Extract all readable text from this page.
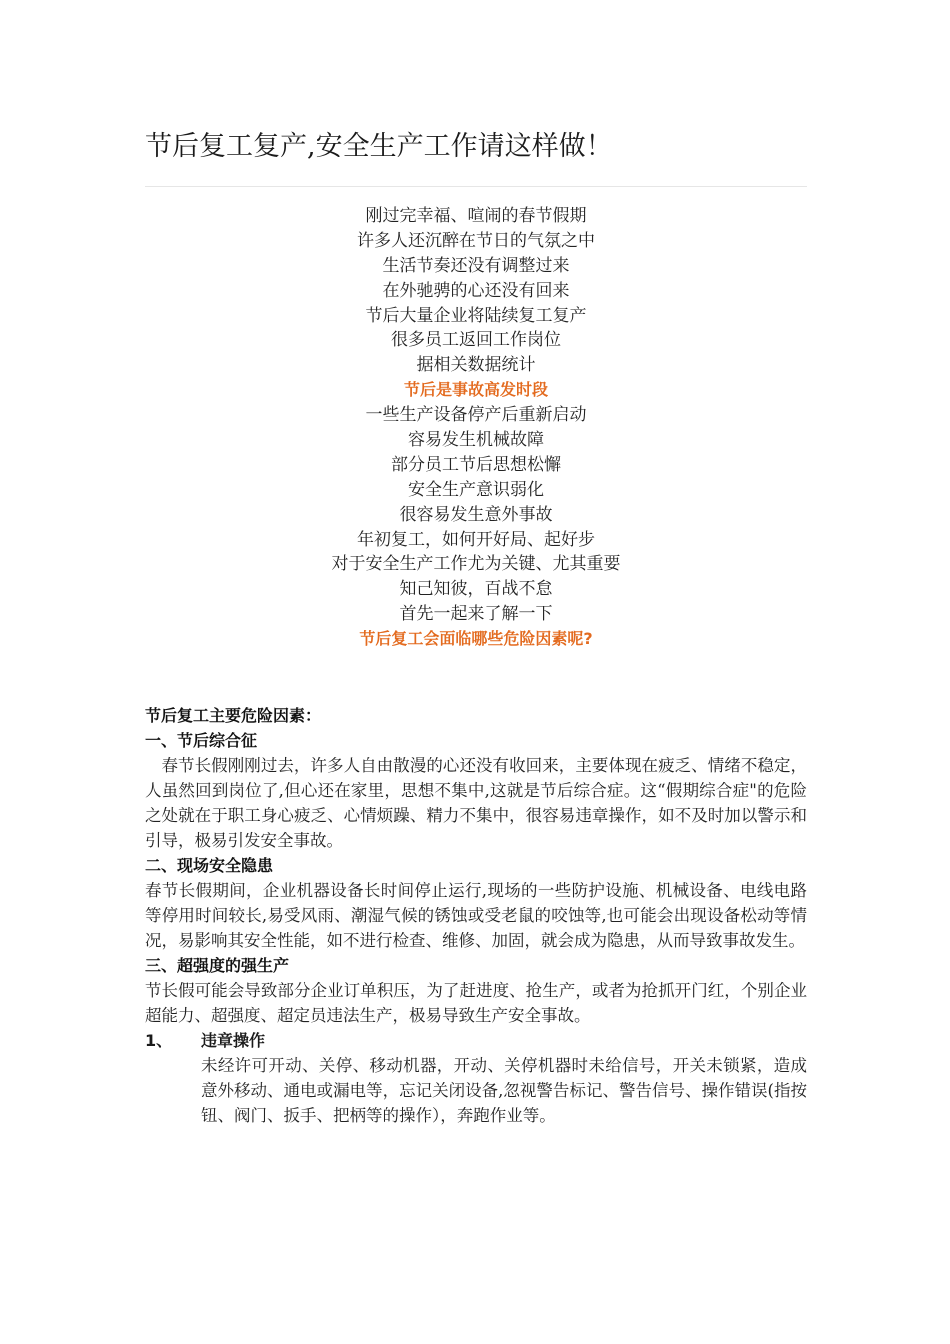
节后复工复产,安全生产工作请这样做！
刚过完幸福、喧闹的春节假期
许多人还沉醉在节日的气氛之中
生活节奏还没有调整过来
在外驰骋的心还没有回来
节后大量企业将陆续复工复产
很多员工返回工作岗位
据相关数据统计
节后是事故高发时段
一些生产设备停产后重新启动
容易发生机械故障
部分员工节后思想松懈
安全生产意识弱化
很容易发生意外事故
年初复工，如何开好局、起好步
对于安全生产工作尤为关键、尤其重要
知己知彼，百战不怠
首先一起来了解一下
节后复工会面临哪些危险因素呢?
节后复工主要危险因素：
一、节后综合征

春节长假刚刚过去，许多人自由散漫的心还没有收回来，主要体现在疲乏、情绪不稳定，人虽然回到岗位了,但心还在家里，思想不集中,这就是节后综合症。这“假期综合症"的危险之处就在于职工身心疲乏、心情烦躁、精力不集中，很容易违章操作，如不及时加以警示和引导，极易引发安全事故。

二、现场安全隐患

春节长假期间，企业机器设备长时间停止运行,现场的一些防护设施、机械设备、电线电路等停用时间较长,易受风雨、潮湿气候的锈蚀或受老鼠的咬蚀等,也可能会出现设备松动等情况，易影响其安全性能，如不进行检查、维修、加固，就会成为隐患，从而导致事故发生。

三、超强度的强生产

节长假可能会导致部分企业订单积压，为了赶进度、抢生产，或者为抢抓开门红，个别企业超能力、超强度、超定员违法生产，极易导致生产安全事故。

1、 违章操作

未经许可开动、关停、移动机器，开动、关停机器时未给信号，开关未锁紧，造成意外移动、通电或漏电等，忘记关闭设备,忽视警告标记、警告信号、操作错误(指按钮、阀门、扳手、把柄等的操作），奔跑作业等。
